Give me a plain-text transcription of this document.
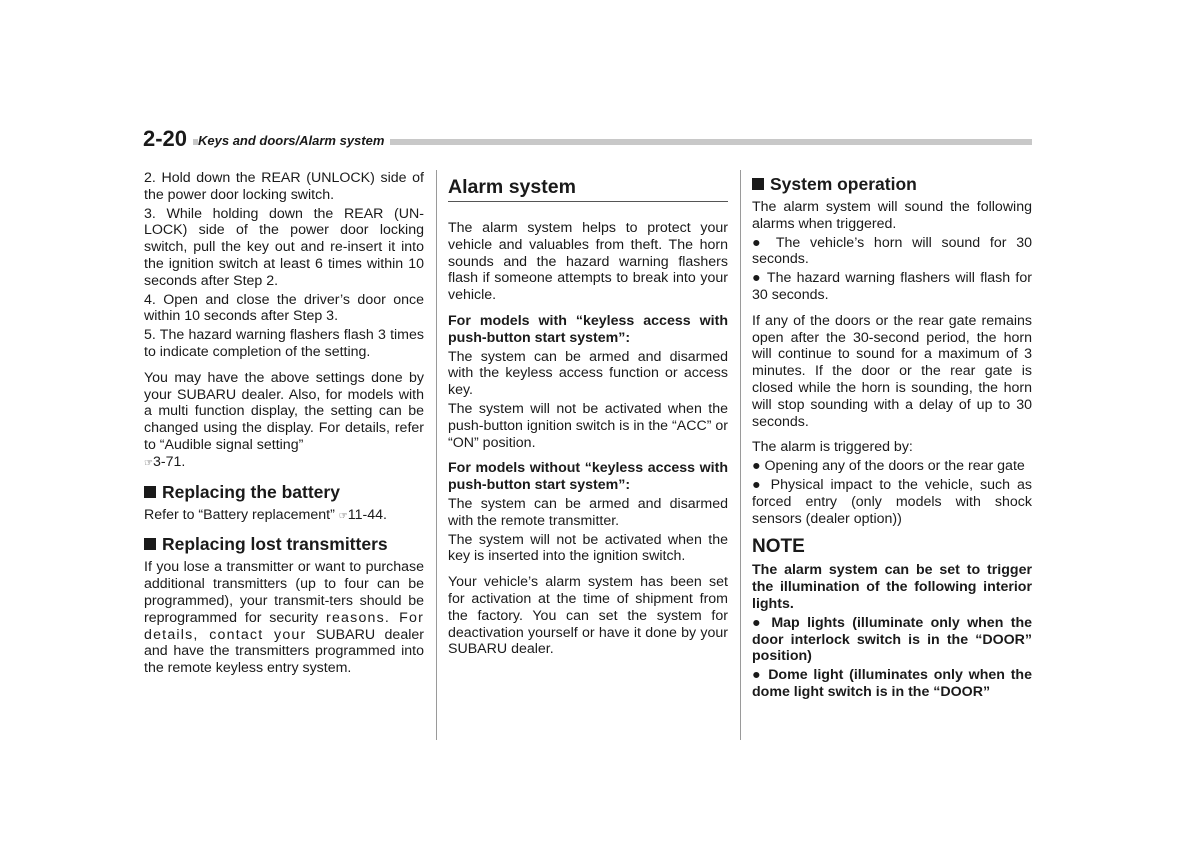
2-20 Keys and doors/Alarm system

2. Hold down the REAR (UNLOCK) side of the power door locking switch.

3. While holding down the REAR (UN-LOCK) side of the power door locking switch, pull the key out and re-insert it into the ignition switch at least 6 times within 10 seconds after Step 2.

4. Open and close the driver’s door once within 10 seconds after Step 3.

5. The hazard warning flashers flash 3 times to indicate completion of the setting.

You may have the above settings done by your SUBARU dealer. Also, for models with a multi function display, the setting can be changed using the display. For details, refer to “Audible signal setting”
☞3-71.

Replacing the battery

Refer to “Battery replacement” ☞11-44.

Replacing lost transmitters

If you lose a transmitter or want to purchase additional transmitters (up to four can be programmed), your transmit-ters should be reprogrammed for security reasons. For details, contact your SUBARU dealer and have the transmitters programmed into the remote keyless entry system.

Alarm system

The alarm system helps to protect your vehicle and valuables from theft. The horn sounds and the hazard warning flashers flash if someone attempts to break into your vehicle.

For models with “keyless access with push-button start system”:

The system can be armed and disarmed with the keyless access function or access key.

The system will not be activated when the push-button ignition switch is in the “ACC” or “ON” position.

For models without “keyless access with push-button start system”:

The system can be armed and disarmed with the remote transmitter.

The system will not be activated when the key is inserted into the ignition switch.

Your vehicle’s alarm system has been set for activation at the time of shipment from the factory. You can set the system for deactivation yourself or have it done by your SUBARU dealer.

System operation

The alarm system will sound the following alarms when triggered.

● The vehicle’s horn will sound for 30 seconds.

● The hazard warning flashers will flash for 30 seconds.

If any of the doors or the rear gate remains open after the 30-second period, the horn will continue to sound for a maximum of 3 minutes. If the door or the rear gate is closed while the horn is sounding, the horn will stop sounding with a delay of up to 30 seconds.

The alarm is triggered by:

● Opening any of the doors or the rear gate

● Physical impact to the vehicle, such as forced entry (only models with shock sensors (dealer option))

NOTE

The alarm system can be set to trigger the illumination of the following interior lights.

● Map lights (illuminate only when the door interlock switch is in the “DOOR” position)

● Dome light (illuminates only when the dome light switch is in the “DOOR”
